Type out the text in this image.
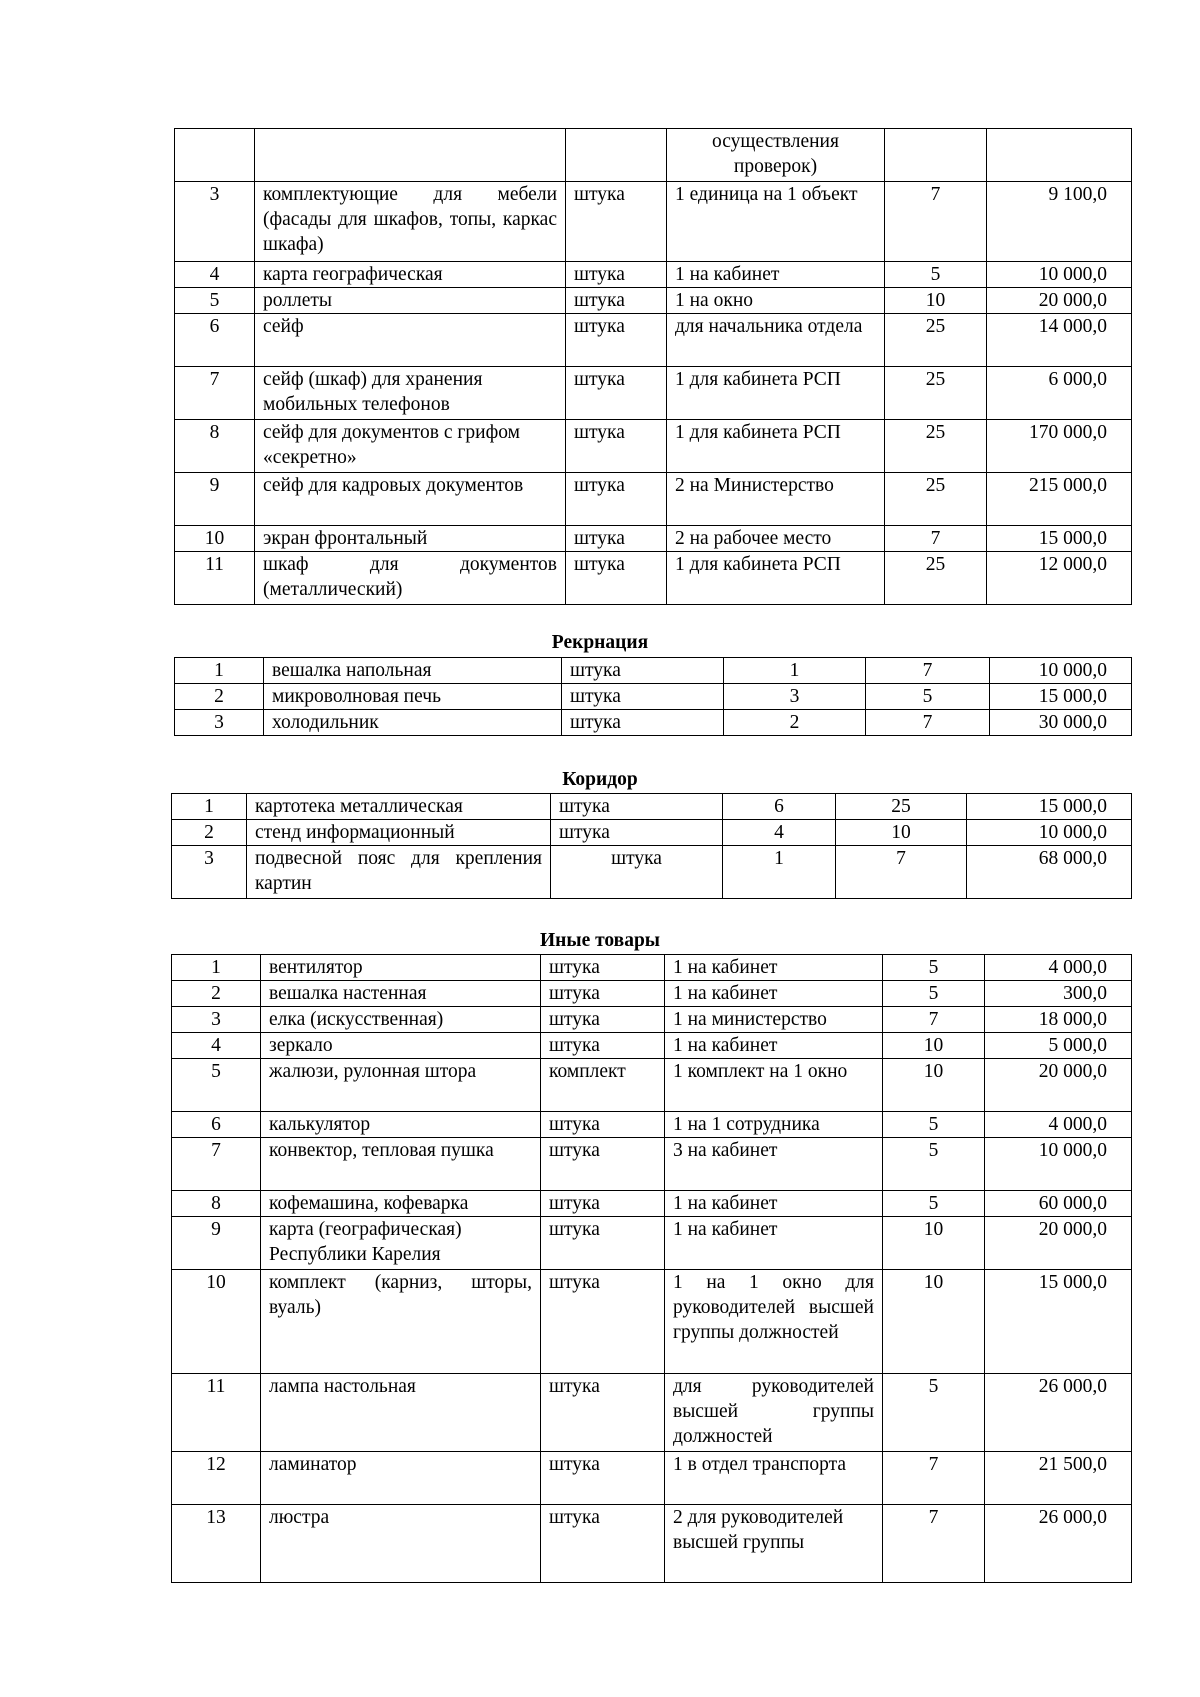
			осуществления проверок)		
3	комплектующие для мебели (фасады для шкафов, топы, каркас шкафа)	штука	1 единица на 1 объект	7	9 100,0
4	карта географическая	штука	1 на кабинет	5	10 000,0
5	роллеты	штука	1 на окно	10	20 000,0
6	сейф	штука	для начальника отдела	25	14 000,0
7	сейф (шкаф) для хранения мобильных телефонов	штука	1 для кабинета РСП	25	6 000,0
8	сейф для документов с грифом «секретно»	штука	1 для кабинета РСП	25	170 000,0
9	сейф для кадровых документов	штука	2 на Министерство	25	215 000,0
10	экран фронтальный	штука	2 на рабочее место	7	15 000,0
11	шкаф для документов (металлический)	штука	1 для кабинета РСП	25	12 000,0
Рекрнация
1	вешалка напольная	штука	1	7	10 000,0
2	микроволновая печь	штука	3	5	15 000,0
3	холодильник	штука	2	7	30 000,0
Коридор
1	картотека металлическая	штука	6	25	15 000,0
2	стенд информационный	штука	4	10	10 000,0
3	подвесной пояс для крепления картин	штука	1	7	68 000,0
Иные товары
1	вентилятор	штука	1 на кабинет	5	4 000,0
2	вешалка настенная	штука	1 на кабинет	5	300,0
3	елка (искусственная)	штука	1 на министерство	7	18 000,0
4	зеркало	штука	1 на кабинет	10	5 000,0
5	жалюзи, рулонная штора	комплект	1 комплект на 1 окно	10	20 000,0
6	калькулятор	штука	1 на 1 сотрудника	5	4 000,0
7	конвектор, тепловая пушка	штука	3 на кабинет	5	10 000,0
8	кофемашина, кофеварка	штука	1 на кабинет	5	60 000,0
9	карта (географическая) Республики Карелия	штука	1 на кабинет	10	20 000,0
10	комплект (карниз, шторы, вуаль)	штука	1 на 1 окно для руководителей высшей группы должностей	10	15 000,0
11	лампа настольная	штука	для руководителей высшей группы должностей	5	26 000,0
12	ламинатор	штука	1 в отдел транспорта	7	21 500,0
13	люстра	штука	2 для руководителей высшей группы	7	26 000,0
